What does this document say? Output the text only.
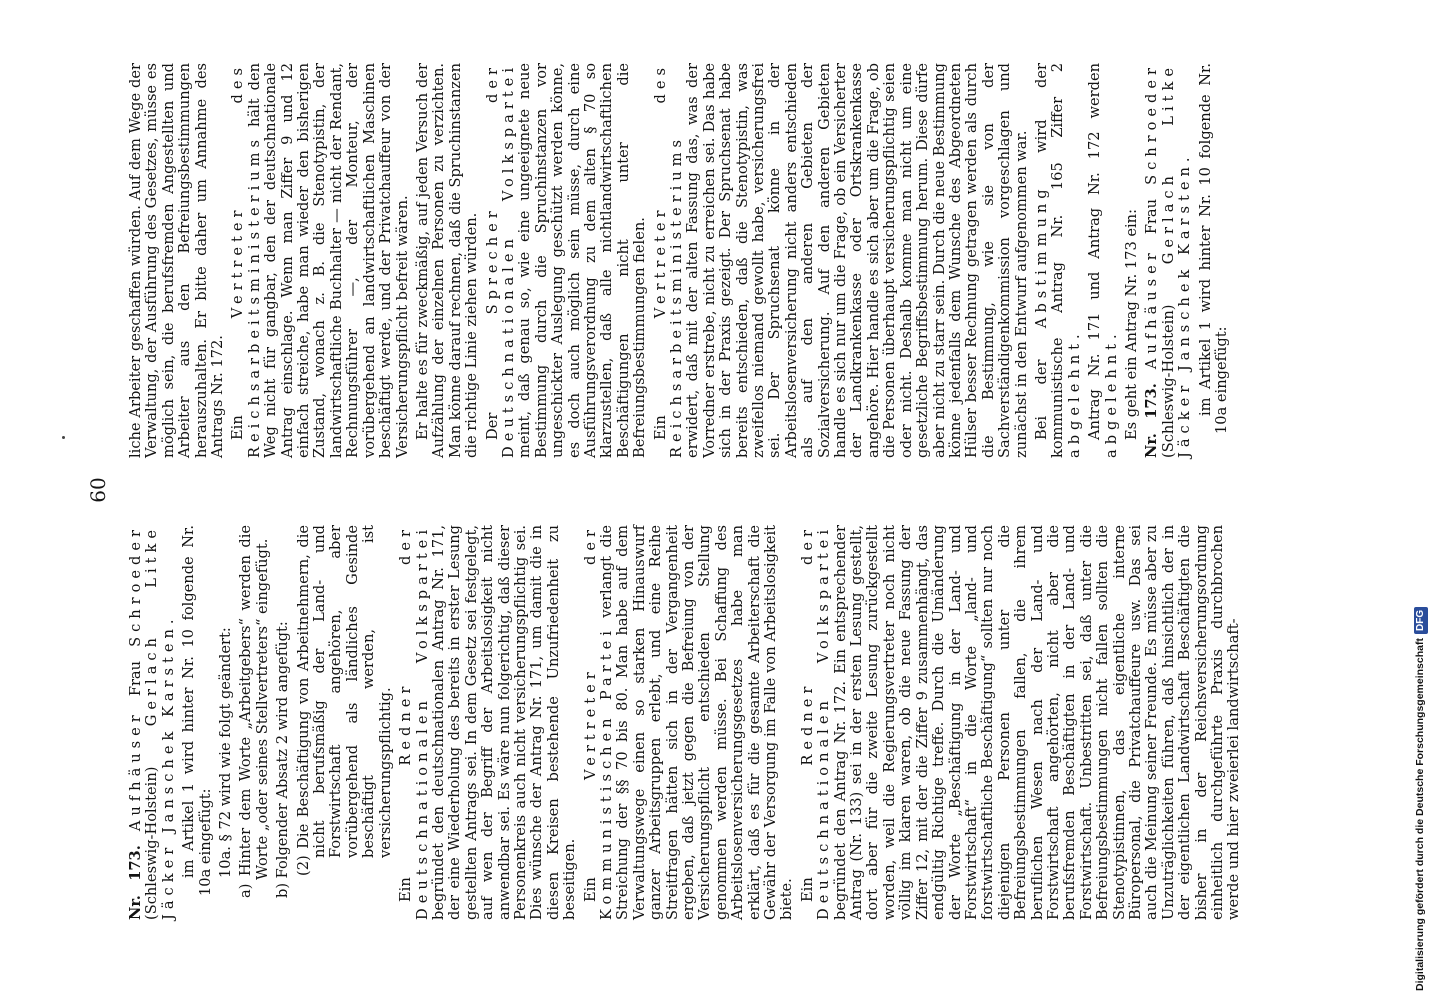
60

Nr. 173. Aufhäuser Frau Schroeder (Schleswig-Holstein) Gerlach Litke Jäcker Janschek Karsten. im Artikel 1 wird hinter Nr. 10 folgende Nr. 10a eingefügt: 10a. § 72 wird wie folgt geändert: a) Hinter dem Worte „Arbeitgebers“ werden die Worte „oder seines Stellvertreters“ eingefügt. b) Folgender Absatz 2 wird angefügt: (2) Die Beschäftigung von Arbeitnehmern, die nicht berufsmäßig der Land- und Forstwirtschaft angehören, aber vorübergehend als ländliches Gesinde beschäftigt werden, ist versicherungspflichtig. Ein Redner der Deutschnationalen Volkspartei begründet den deutschnationalen Antrag Nr. 171, der eine Wiederholung des bereits in erster Lesung gestellten Antrags sei. In dem Gesetz sei festgelegt, auf wen der Begriff der Arbeitslosigkeit nicht anwendbar sei. Es wäre nun folgerichtig, daß dieser Personenkreis auch nicht versicherungspflichtig sei. Dies wünsche der Antrag Nr. 171, um damit die in diesen Kreisen bestehende Unzufriedenheit zu beseitigen. Ein Vertreter der Kommunistischen Partei verlangt die Streichung der §§ 70 bis 80. Man habe auf dem Verwaltungswege einen so starken Hinauswurf ganzer Arbeitsgruppen erlebt, und eine Reihe Streitfragen hätten sich in der Vergangenheit ergeben, daß jetzt gegen die Befreiung von der Versicherungspflicht entschieden Stellung genommen werden müsse. Bei Schaffung des Arbeitslosenversicherungsgesetzes habe man erklärt, daß es für die gesamte Arbeiterschaft die Gewähr der Versorgung im Falle von Arbeitslosigkeit biete. Ein Redner der Deutschnationalen Volkspartei begründet den Antrag Nr. 172. Ein entsprechender Antrag (Nr. 133) sei in der ersten Lesung gestellt, dort aber für die zweite Lesung zurückgestellt worden, weil die Regierungsvertreter noch nicht völlig im klaren waren, ob die neue Fassung der Ziffer 12, mit der die Ziffer 9 zusammenhängt, das endgültig Richtige treffe. Durch die Umänderung der Worte „Beschäftigung in der Land- und Forstwirtschaft“ in die Worte „land- und forstwirtschaftliche Beschäftigung“ sollten nur noch diejenigen Personen unter die Befreiungsbestimmungen fallen, die ihrem beruflichen Wesen nach der Land- und Forstwirtschaft angehörten, nicht aber die berufsfremden Beschäftigten in der Land- und Forstwirtschaft. Unbestritten sei, daß unter die Befreiungsbestimmungen nicht fallen sollten die Stenotypistinnen, das eigentliche interne Büropersonal, die Privatchauffeure usw. Das sei auch die Meinung seiner Freunde. Es müsse aber zu Unzuträglichkeiten führen, daß hinsichtlich der in der eigentlichen Landwirtschaft Beschäftigten die bisher in der Reichsversicherungsordnung einheitlich durchgeführte Praxis durchbrochen werde und hier zweierlei landwirtschaft-

liche Arbeiter geschaffen würden. Auf dem Wege der Verwaltung, der Ausführung des Gesetzes, müsse es möglich sein, die berufsfremden Angestellten und Arbeiter aus den Befreiungsbestimmungen herauszuhalten. Er bitte daher um Annahme des Antrags Nr. 172. Ein Vertreter des Reichsarbeitsministeriums hält den Weg nicht für gangbar, den der deutschnationale Antrag einschlage. Wenn man Ziffer 9 und 12 einfach streiche, habe man wieder den bisherigen Zustand, wonach z. B. die Stenotypistin, der landwirtschaftliche Buchhalter — nicht der Rendant, Rechnungsführer —, der Monteur, der vorübergehend an landwirtschaftlichen Maschinen beschäftigt werde, und der Privatchauffeur von der Versicherungspflicht befreit wären. Er halte es für zweckmäßig, auf jeden Versuch der Aufzählung der einzelnen Personen zu verzichten. Man könne darauf rechnen, daß die Spruchinstanzen die richtige Linie ziehen würden. Der Sprecher der Deutschnationalen Volkspartei meint, daß genau so, wie eine ungeeignete neue Bestimmung durch die Spruchinstanzen vor ungeschickter Auslegung geschützt werden könne, es doch auch möglich sein müsse, durch eine Ausführungsverordnung zu dem alten § 70 so klarzustellen, daß alle nichtlandwirtschaftlichen Beschäftigungen nicht unter die Befreiungsbestimmungen fielen. Ein Vertreter des Reichsarbeitsministeriums erwidert, daß mit der alten Fassung das, was der Vorredner erstrebe, nicht zu erreichen sei. Das habe sich in der Praxis gezeigt. Der Spruchsenat habe bereits entschieden, daß die Stenotypistin, was zweifellos niemand gewollt habe, versicherungsfrei sei. Der Spruchsenat könne in der Arbeitslosenversicherung nicht anders entschieden als auf den anderen Gebieten der Sozialversicherung. Auf den anderen Gebieten handle es sich nur um die Frage, ob ein Versicherter der Landkrankenkasse oder Ortskrankenkasse angehöre. Hier handle es sich aber um die Frage, ob die Personen überhaupt versicherungspflichtig seien oder nicht. Deshalb komme man nicht um eine gesetzliche Begriffsbestimmung herum. Diese dürfe aber nicht zu starr sein. Durch die neue Bestimmung könne jedenfalls dem Wunsche des Abgeordneten Hülser besser Rechnung getragen werden als durch die Bestimmung, wie sie von der Sachverständigenkommission vorgeschlagen und zunächst in den Entwurf aufgenommen war. Bei der Abstimmung wird der kommunistische Antrag Nr. 165 Ziffer 2 abgelehnt. Antrag Nr. 171 und Antrag Nr. 172 werden abgelehnt. Es geht ein Antrag Nr. 173 ein: Nr. 173. Aufhäuser Frau Schroeder (Schleswig-Holstein) Gerlach Litke Jäcker Janschek Karsten. im Artikel 1 wird hinter Nr. 10 folgende Nr. 10a eingefügt:

Digitalisierung gefördert durch die Deutsche ForschungsgemeinschaftDFG
